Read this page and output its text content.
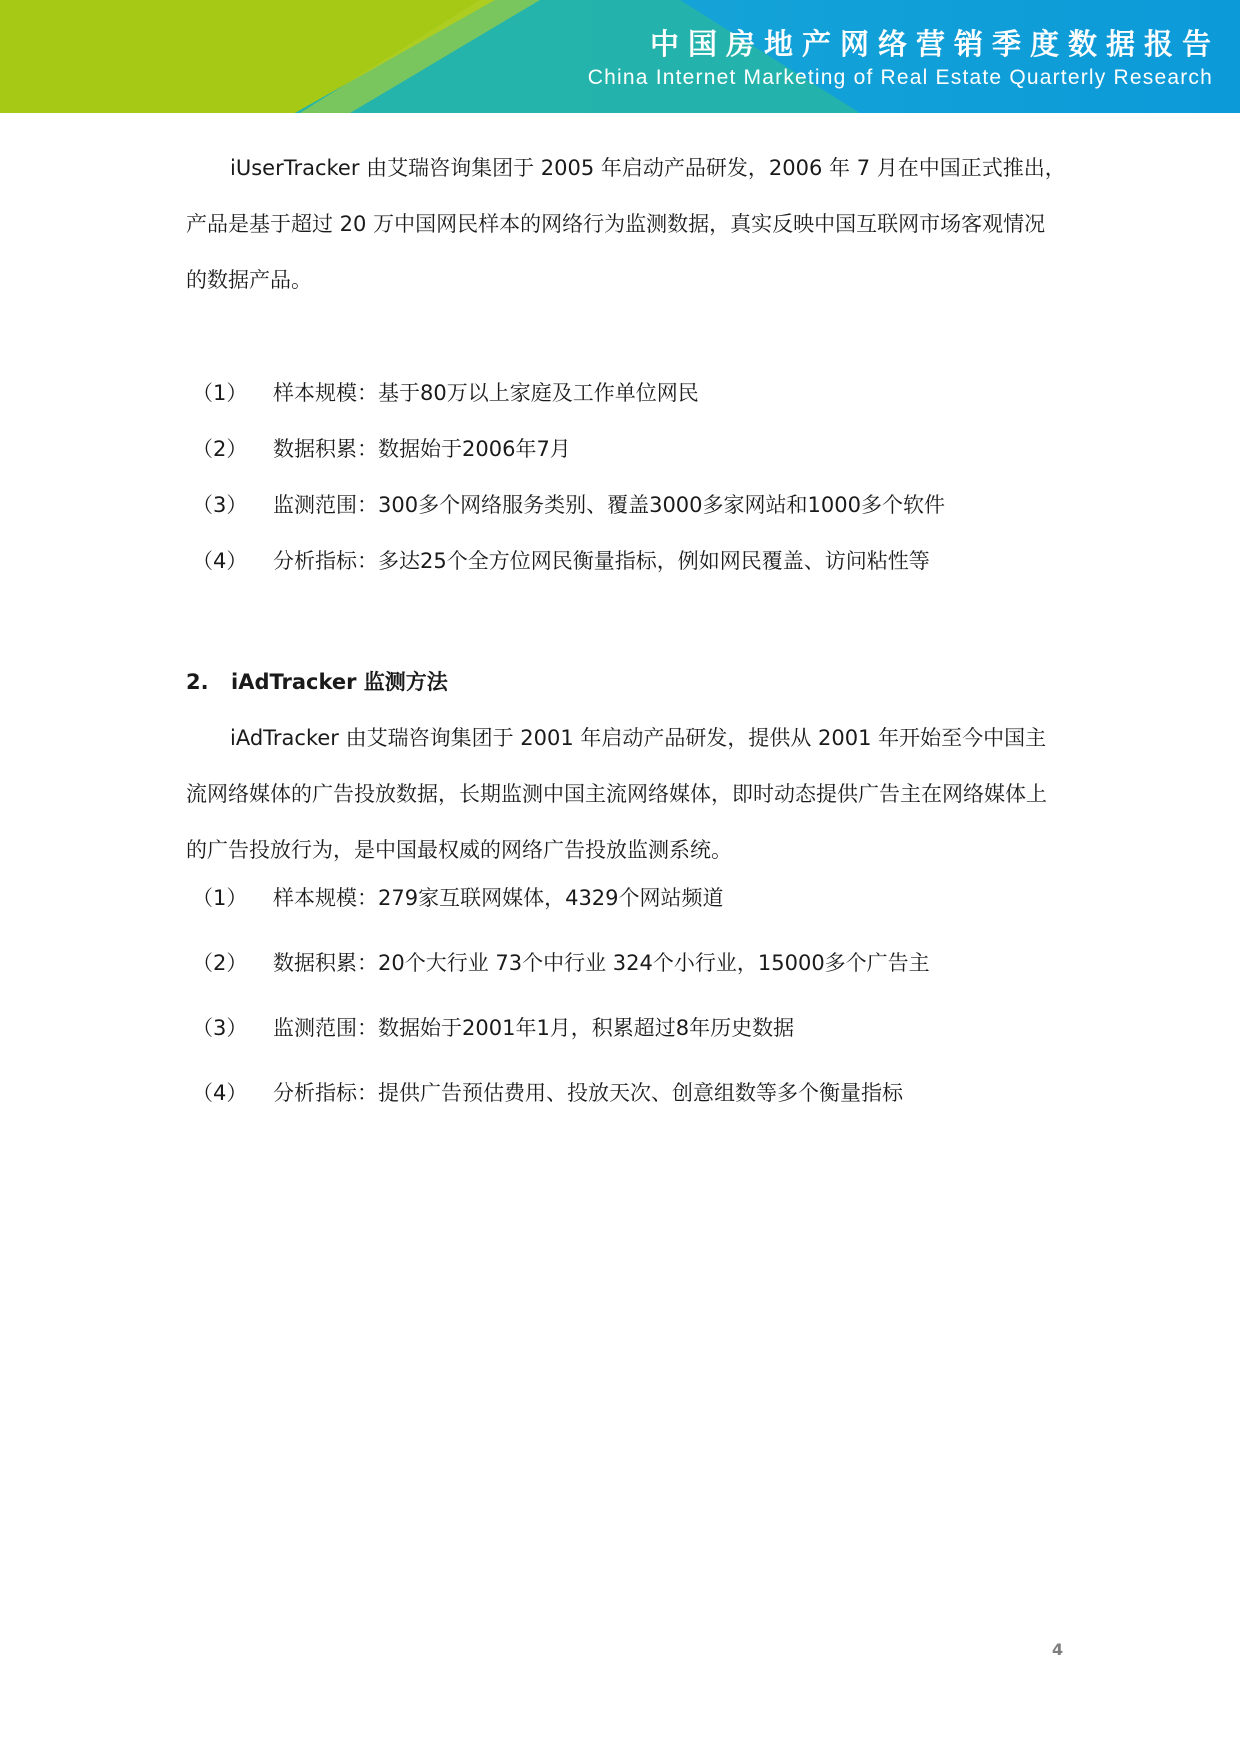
中国房地产网络营销季度数据报告
China Internet Marketing of Real Estate Quarterly Research

iUserTracker 由艾瑞咨询集团于 2005 年启动产品研发，2006 年 7 月在中国正式推出，产品是基于超过 20 万中国网民样本的网络行为监测数据，真实反映中国互联网市场客观情况的数据产品。

（1）	样本规模：基于80万以上家庭及工作单位网民
（2）	数据积累：数据始于2006年7月
（3）	监测范围：300多个网络服务类别、覆盖3000多家网站和1000多个软件
（4）	分析指标：多达25个全方位网民衡量指标，例如网民覆盖、访问粘性等
2. iAdTracker 监测方法

iAdTracker 由艾瑞咨询集团于 2001 年启动产品研发，提供从 2001 年开始至今中国主流网络媒体的广告投放数据，长期监测中国主流网络媒体，即时动态提供广告主在网络媒体上的广告投放行为，是中国最权威的网络广告投放监测系统。

（1）	样本规模：279家互联网媒体，4329个网站频道
（2）	数据积累：20个大行业 73个中行业 324个小行业，15000多个广告主
（3）	监测范围：数据始于2001年1月，积累超过8年历史数据
（4）	分析指标：提供广告预估费用、投放天次、创意组数等多个衡量指标
4
